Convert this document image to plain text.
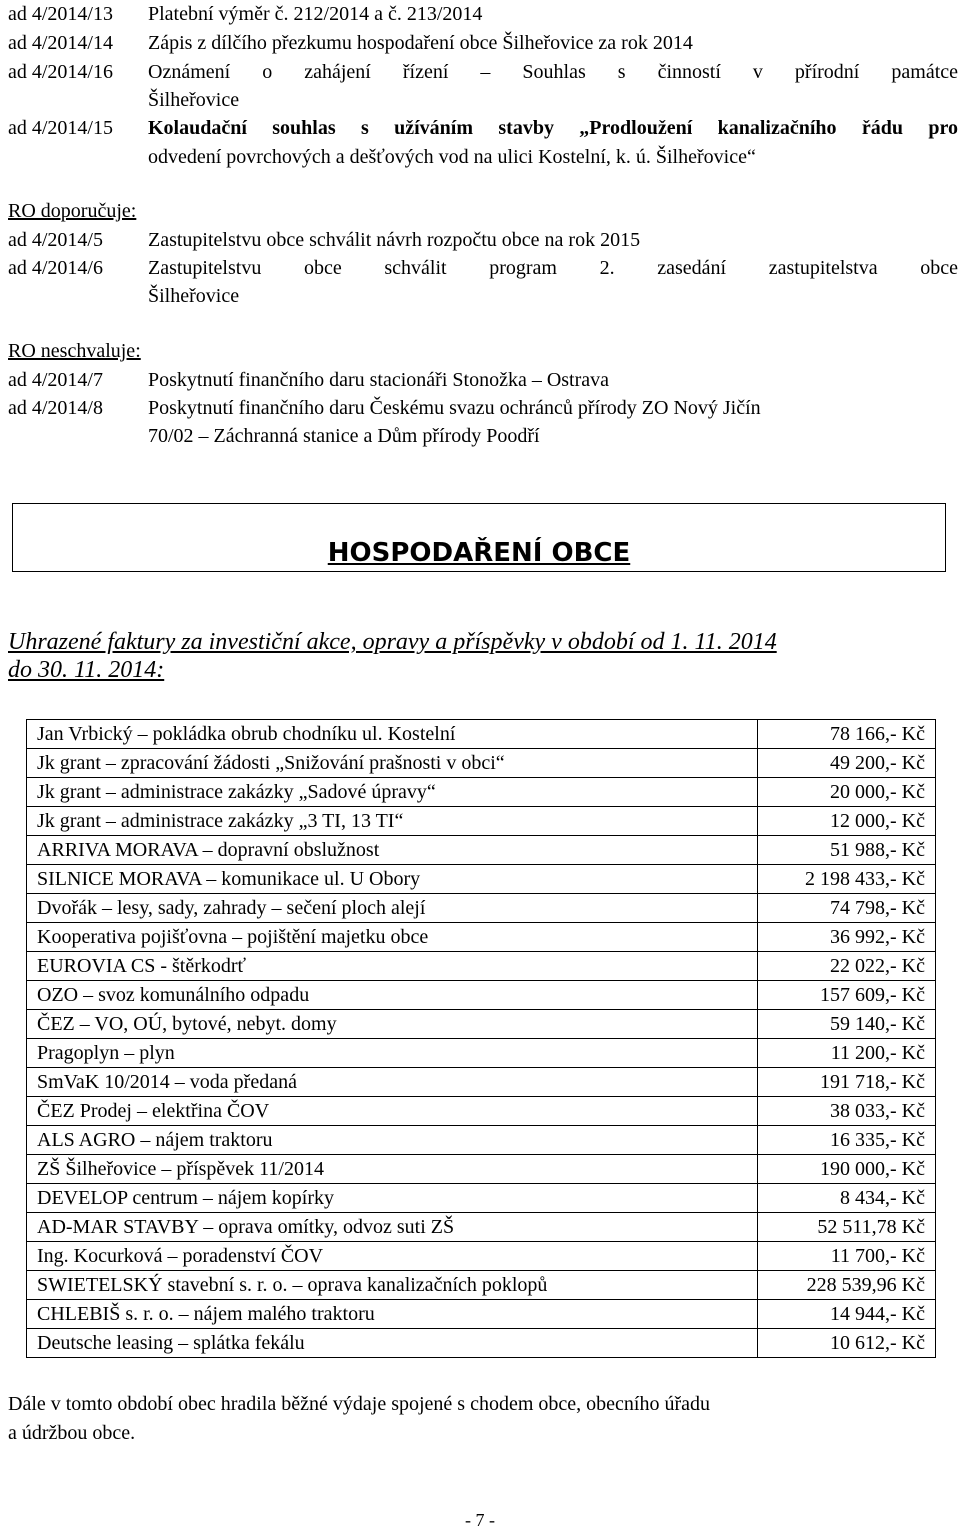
ad 4/2014/13 Platební výměr č. 212/2014 a č. 213/2014
ad 4/2014/14 Zápis z dílčího přezkumu hospodaření obce Šilheřovice za rok 2014
ad 4/2014/16 Oznámení o zahájení řízení – Souhlas s činností v přírodní památce
Šilheřovice
ad 4/2014/15 Kolaudační souhlas s užíváním stavby „Prodloužení kanalizačního řádu pro
odvedení povrchových a dešťových vod na ulici Kostelní, k. ú. Šilheřovice“
RO doporučuje:
ad 4/2014/5 Zastupitelstvu obce schválit návrh rozpočtu obce na rok 2015
ad 4/2014/6 Zastupitelstvu obce schválit program 2. zasedání zastupitelstva obce
Šilheřovice
RO neschvaluje:
ad 4/2014/7 Poskytnutí finančního daru stacionáři Stonožka – Ostrava
ad 4/2014/8 Poskytnutí finančního daru Českému svazu ochránců přírody ZO Nový Jičín
70/02 – Záchranná stanice a Dům přírody Poodří
HOSPODAŘENÍ OBCE
Uhrazené faktury za investiční akce, opravy a příspěvky v období od 1. 11. 2014
do 30. 11. 2014:
Jan Vrbický – pokládka obrub chodníku ul. Kostelní	78 166,- Kč
Jk grant – zpracování žádosti „Snižování prašnosti v obci“	49 200,- Kč
Jk grant – administrace zakázky „Sadové úpravy“	20 000,- Kč
Jk grant – administrace zakázky „3 TI, 13 TI“	12 000,- Kč
ARRIVA MORAVA – dopravní obslužnost	51 988,- Kč
SILNICE MORAVA – komunikace ul. U Obory	2 198 433,- Kč
Dvořák – lesy, sady, zahrady – sečení ploch alejí	74 798,- Kč
Kooperativa pojišťovna – pojištění majetku obce	36 992,- Kč
EUROVIA CS - štěrkodrť	22 022,- Kč
OZO – svoz komunálního odpadu	157 609,- Kč
ČEZ – VO, OÚ, bytové, nebyt. domy	59 140,- Kč
Pragoplyn – plyn	11 200,- Kč
SmVaK 10/2014 – voda předaná	191 718,- Kč
ČEZ Prodej – elektřina ČOV	38 033,- Kč
ALS AGRO – nájem traktoru	16 335,- Kč
ZŠ Šilheřovice – příspěvek 11/2014	190 000,- Kč
DEVELOP centrum – nájem kopírky	8 434,- Kč
AD-MAR STAVBY – oprava omítky, odvoz suti ZŠ	52 511,78 Kč
Ing. Kocurková – poradenství ČOV	11 700,- Kč
SWIETELSKÝ stavební s. r. o. – oprava kanalizačních poklopů	228 539,96 Kč
CHLEBIŠ s. r. o. – nájem malého traktoru	14 944,- Kč
Deutsche leasing – splátka fekálu	10 612,- Kč
Dále v tomto období obec hradila běžné výdaje spojené s chodem obce, obecního úřadu
a údržbou obce.
- 7 -
